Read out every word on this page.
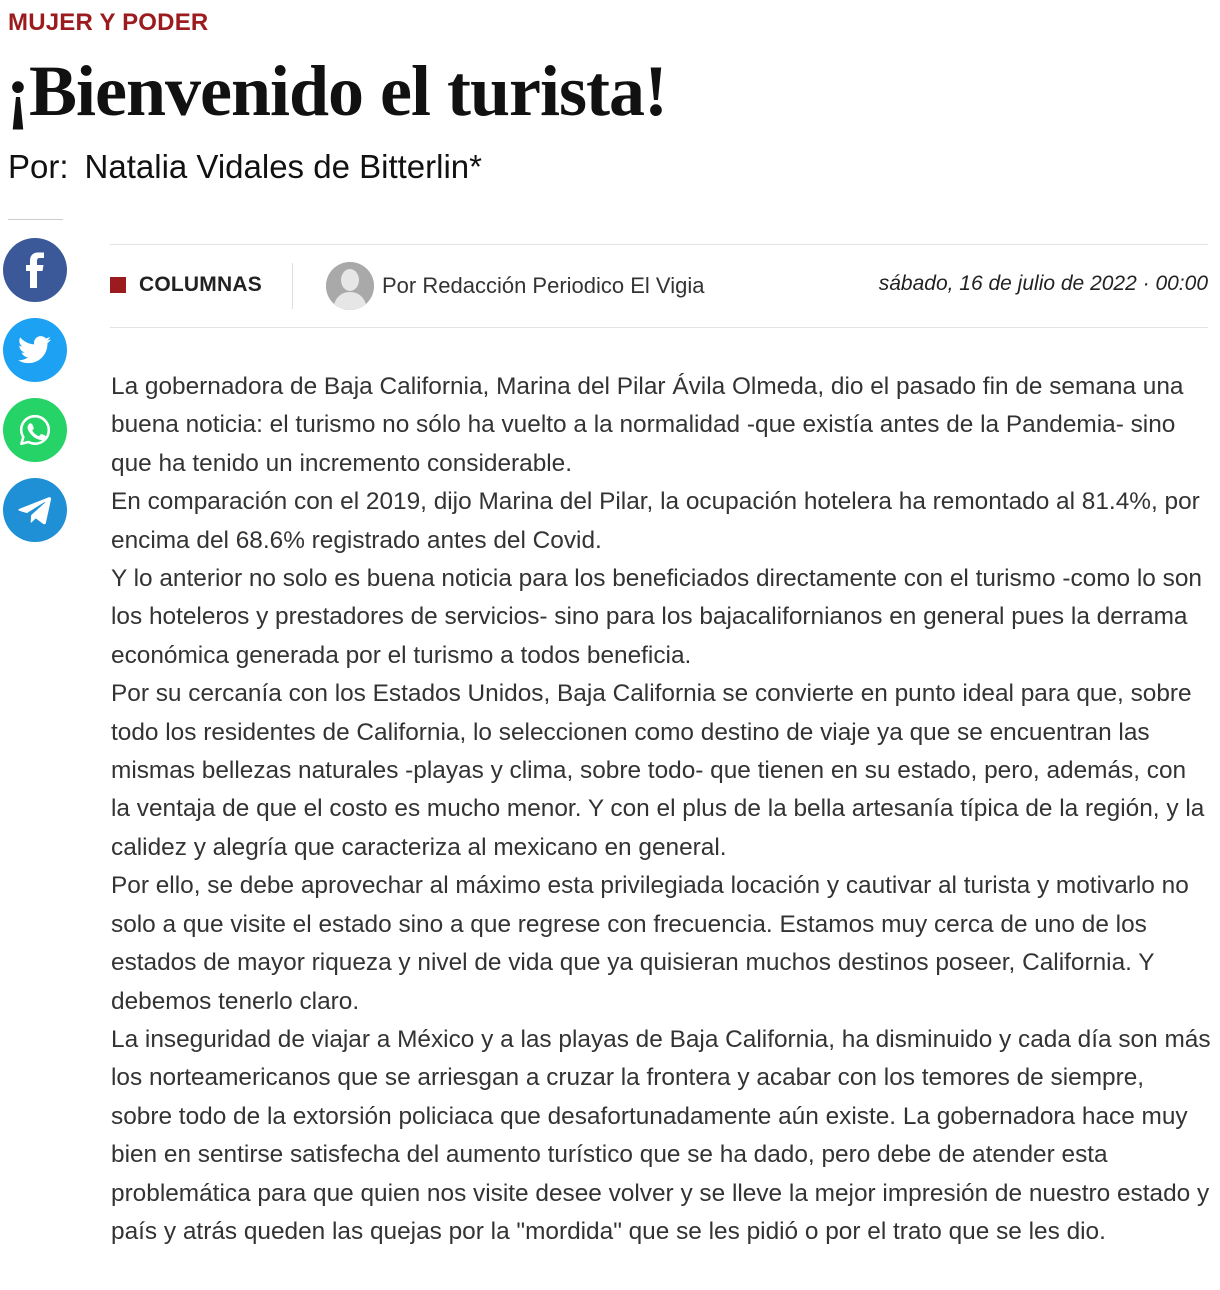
MUJER Y PODER
¡Bienvenido el turista!
Por: Natalia Vidales de Bitterlin*
COLUMNAS	Por Redacción Periodico El Vigia	sábado, 16 de julio de 2022 · 00:00

La gobernadora de Baja California, Marina del Pilar Ávila Olmeda, dio el pasado fin de semana una buena noticia: el turismo no sólo ha vuelto a la normalidad -que existía antes de la Pandemia- sino que ha tenido un incremento considerable.

En comparación con el 2019, dijo Marina del Pilar, la ocupación hotelera ha remontado al 81.4%, por encima del 68.6% registrado antes del Covid.

Y lo anterior no solo es buena noticia para los beneficiados directamente con el turismo -como lo son los hoteleros y prestadores de servicios- sino para los bajacalifornianos en general pues la derrama económica generada por el turismo a todos beneficia.

Por su cercanía con los Estados Unidos, Baja California se convierte en punto ideal para que, sobre todo los residentes de California, lo seleccionen como destino de viaje ya que se encuentran las mismas bellezas naturales -playas y clima, sobre todo- que tienen en su estado, pero, además, con la ventaja de que el costo es mucho menor. Y con el plus de la bella artesanía típica de la región, y la calidez y alegría que caracteriza al mexicano en general.

Por ello, se debe aprovechar al máximo esta privilegiada locación y cautivar al turista y motivarlo no solo a que visite el estado sino a que regrese con frecuencia. Estamos muy cerca de uno de los estados de mayor riqueza y nivel de vida que ya quisieran muchos destinos poseer, California. Y debemos tenerlo claro.

La inseguridad de viajar a México y a las playas de Baja California, ha disminuido y cada día son más los norteamericanos que se arriesgan a cruzar la frontera y acabar con los temores de siempre, sobre todo de la extorsión policiaca que desafortunadamente aún existe. La gobernadora hace muy bien en sentirse satisfecha del aumento turístico que se ha dado, pero debe de atender esta problemática para que quien nos visite desee volver y se lleve la mejor impresión de nuestro estado y país y atrás queden las quejas por la "mordida" que se les pidió o por el trato que se les dio.
